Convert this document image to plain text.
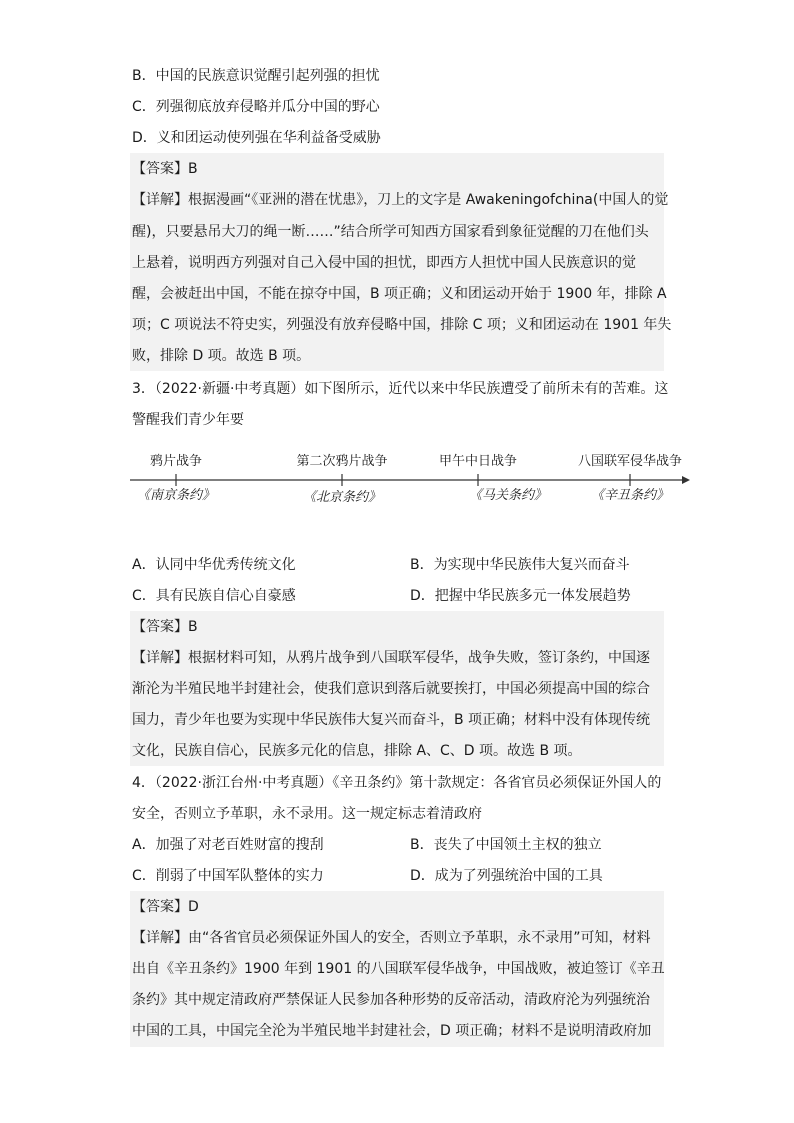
B．中国的民族意识觉醒引起列强的担忧
C．列强彻底放弃侵略并瓜分中国的野心
D．义和团运动使列强在华利益备受威胁
【答案】B
【详解】根据漫画“《亚洲的潜在忧患》，刀上的文字是 Awakeningofchina(中国人的觉
醒)，只要悬吊大刀的绳一断……”结合所学可知西方国家看到象征觉醒的刀在他们头
上悬着，说明西方列强对自己入侵中国的担忧，即西方人担忧中国人民族意识的觉
醒，会被赶出中国，不能在掠夺中国，B 项正确；义和团运动开始于 1900 年，排除 A
项；C 项说法不符史实，列强没有放弃侵略中国，排除 C 项；义和团运动在 1901 年失
败，排除 D 项。故选 B 项。
3．（2022·新疆·中考真题）如下图所示，近代以来中华民族遭受了前所未有的苦难。这
警醒我们青少年要
鸦片战争	第二次鸦片战争	甲午中日战争	八国联军侵华战争
《南京条约》	《北京条约》	《马关条约》	《辛丑条约》
A．认同中华优秀传统文化	B．为实现中华民族伟大复兴而奋斗
C．具有民族自信心自豪感	D．把握中华民族多元一体发展趋势
【答案】B
【详解】根据材料可知，从鸦片战争到八国联军侵华，战争失败，签订条约，中国逐
渐沦为半殖民地半封建社会，使我们意识到落后就要挨打，中国必须提高中国的综合
国力，青少年也要为实现中华民族伟大复兴而奋斗，B 项正确；材料中没有体现传统
文化，民族自信心，民族多元化的信息，排除 A、C、D 项。故选 B 项。
4．（2022·浙江台州·中考真题）《辛丑条约》第十款规定：各省官员必须保证外国人的
安全，否则立予革职，永不录用。这一规定标志着清政府
A．加强了对老百姓财富的搜刮	B．丧失了中国领土主权的独立
C．削弱了中国军队整体的实力	D．成为了列强统治中国的工具
【答案】D
【详解】由“各省官员必须保证外国人的安全，否则立予革职，永不录用”可知，材料
出自《辛丑条约》1900 年到 1901 的八国联军侵华战争，中国战败，被迫签订《辛丑
条约》其中规定清政府严禁保证人民参加各种形势的反帝活动，清政府沦为列强统治
中国的工具，中国完全沦为半殖民地半封建社会，D 项正确；材料不是说明清政府加
